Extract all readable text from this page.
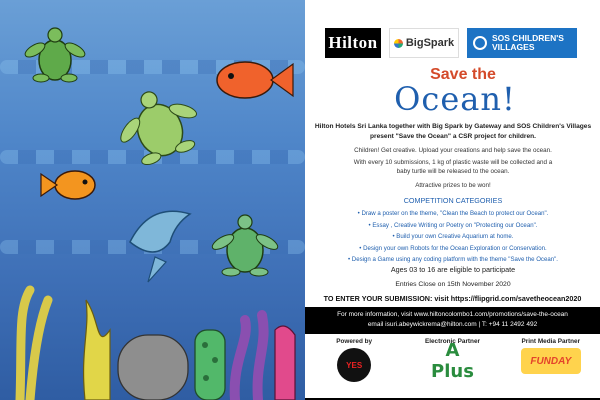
Hilton	BigSpark	SOS CHILDREN'S VILLAGES
Save the
Ocean!
Hilton Hotels Sri Lanka together with Big Spark by Gateway and SOS Children's Villages present "Save the Ocean" a CSR project for children.
Children! Get creative. Upload your creations and help save the ocean.
With every 10 submissions, 1 kg of plastic waste will be collected and a baby turtle will be released to the ocean.
Attractive prizes to be won!
COMPETITION CATEGORIES
• Draw a poster on the theme, "Clean the Beach to protect our Ocean".
• Essay , Creative Writing or Poetry on "Protecting our Ocean".
• Build your own Creative Aquarium at home.
• Design your own Robots for the Ocean Exploration or Conservation.
• Design a Game using any coding platform with the theme "Save the Ocean".
Ages 03 to 16 are eligible to participate
Entries Close on 15th November 2020
TO ENTER YOUR SUBMISSION: visit https://flipgrid.com/savetheocean2020
For more information, visit www.hiltoncolombo1.com/promotions/save-the-ocean
email isuri.abeywickrema@hilton.com | T: +94 11 2492 492
Powered by
YES
Electronic Partner
A Plus
Print Media Partner
FUNDAY
